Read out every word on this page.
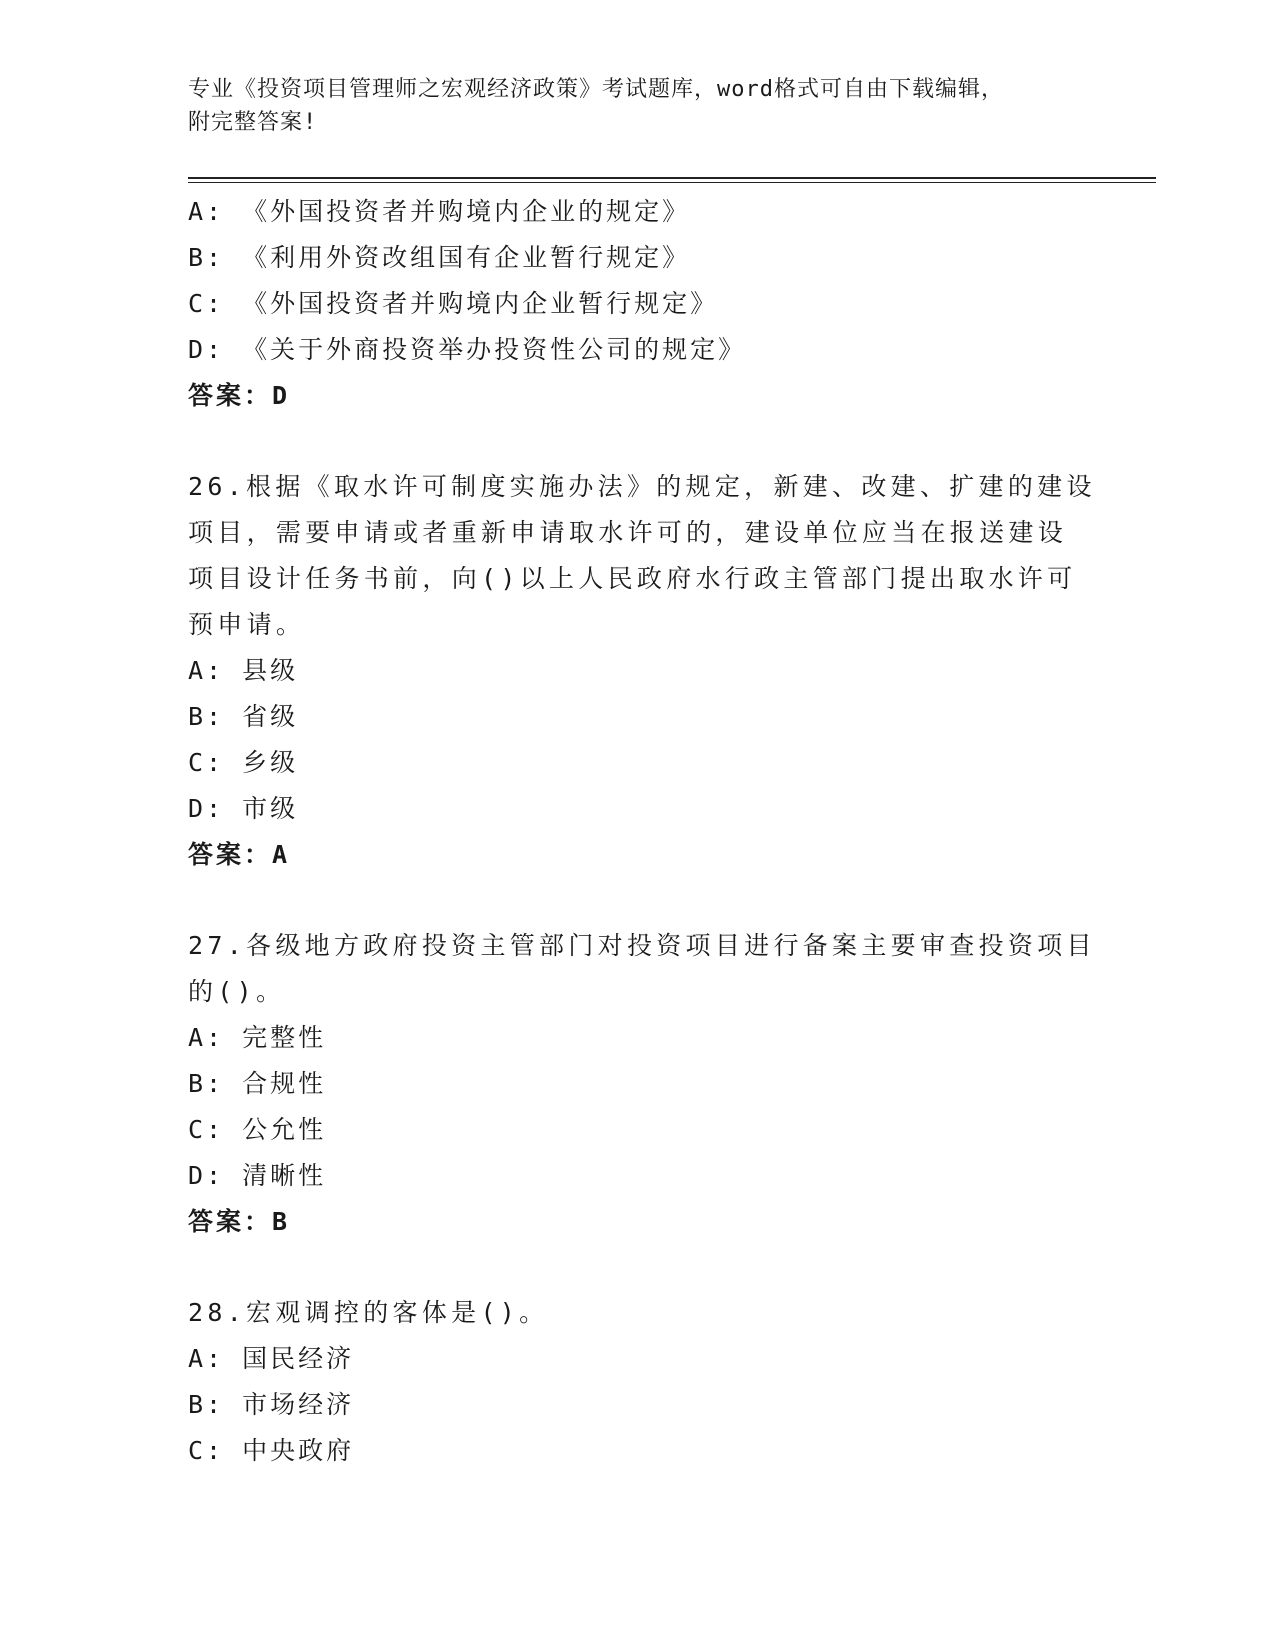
专业《投资项目管理师之宏观经济政策》考试题库，word格式可自由下载编辑，
附完整答案!
A: 《外国投资者并购境内企业的规定》
B: 《利用外资改组国有企业暂行规定》
C: 《外国投资者并购境内企业暂行规定》
D: 《关于外商投资举办投资性公司的规定》
答案：D
26.根据《取水许可制度实施办法》的规定，新建、改建、扩建的建设
项目，需要申请或者重新申请取水许可的，建设单位应当在报送建设
项目设计任务书前，向()以上人民政府水行政主管部门提出取水许可
预申请。
A: 县级
B: 省级
C: 乡级
D: 市级
答案：A
27.各级地方政府投资主管部门对投资项目进行备案主要审查投资项目
的()。
A: 完整性
B: 合规性
C: 公允性
D: 清晰性
答案：B
28.宏观调控的客体是()。
A: 国民经济
B: 市场经济
C: 中央政府
